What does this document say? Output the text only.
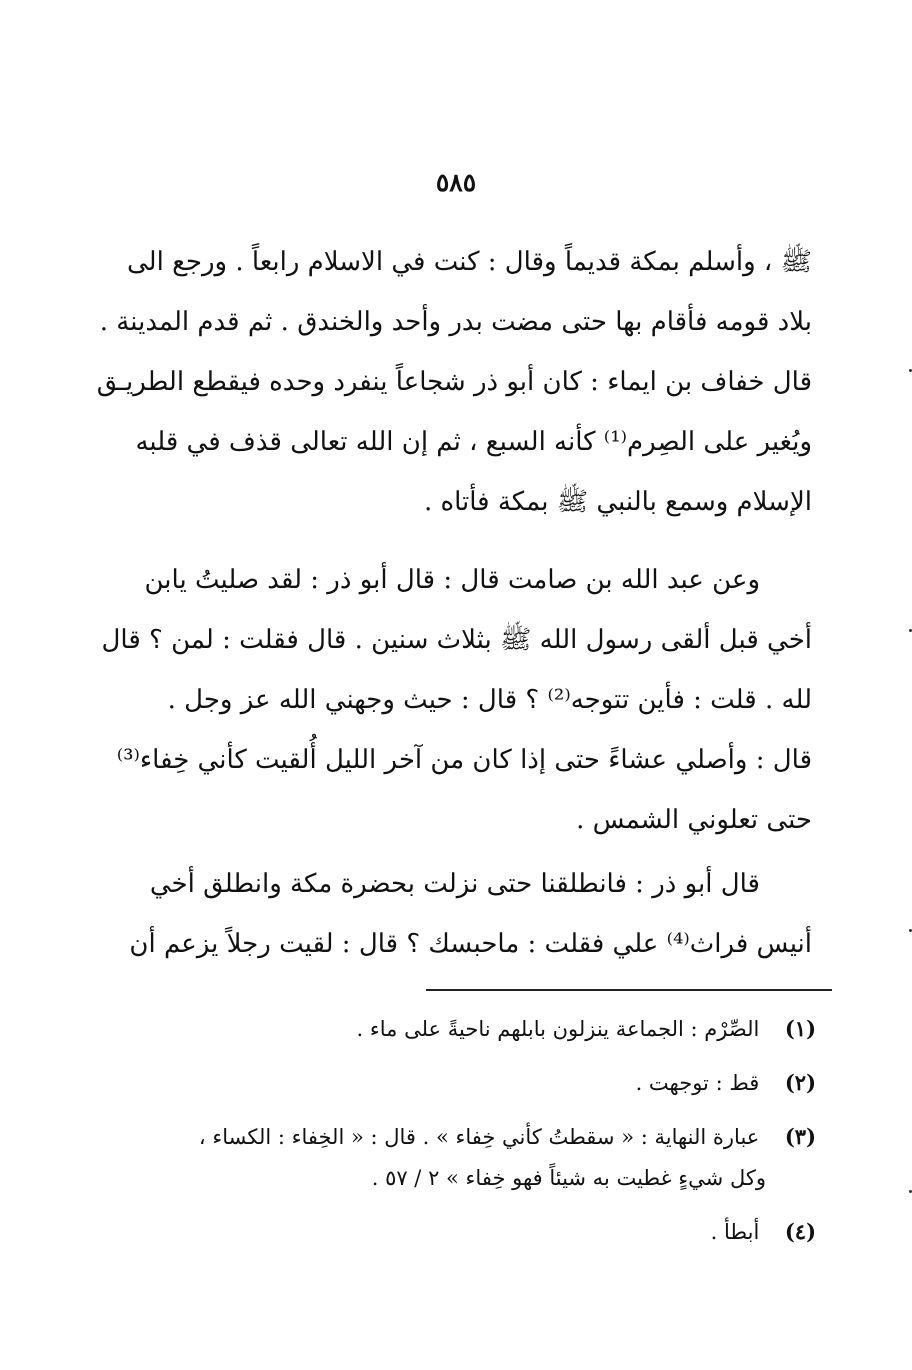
٥٨٥
ﷺ ، وأسلم بمكة قديماً وقال : كنت في الاسلام رابعاً . ورجع الى
بلاد قومه فأقام بها حتى مضت بدر وأحد والخندق . ثم قدم المدينة .
قال خفاف بن ايماء : كان أبو ذر شجاعاً ينفرد وحده فيقطع الطريـق
ويُغير على الصِرم⁽¹⁾ كأنه السبع ، ثم إن الله تعالى قذف في قلبه
الإسلام وسمع بالنبي ﷺ بمكة فأتاه .
وعن عبد الله بن صامت قال : قال أبو ذر : لقد صليتُ يابن
أخي قبل ألقى رسول الله ﷺ بثلاث سنين . قال فقلت : لمن ؟ قال
لله . قلت : فأين تتوجه⁽²⁾ ؟ قال : حيث وجهني الله عز وجل .
قال : وأصلي عشاءً حتى إذا كان من آخر الليل أُلقيت كأني خِفاء⁽³⁾
حتى تعلوني الشمس .
قال أبو ذر : فانطلقنا حتى نزلت بحضرة مكة وانطلق أخي
أنيس فراث⁽⁴⁾ علي فقلت : ماحبسك ؟ قال : لقيت رجلاً يزعم أن
(١) الصِّرْم : الجماعة ينزلون بابلهم ناحيةً على ماء .
(٢) قط : توجهت .
(٣) عبارة النهاية : « سقطتُ كأني خِفاء » . قال : « الخِفاء : الكساء ،
وكل شيءٍ غطيت به شيئاً فهو خِفاء » ٢ / ٥٧ .
(٤) أبطأ .
